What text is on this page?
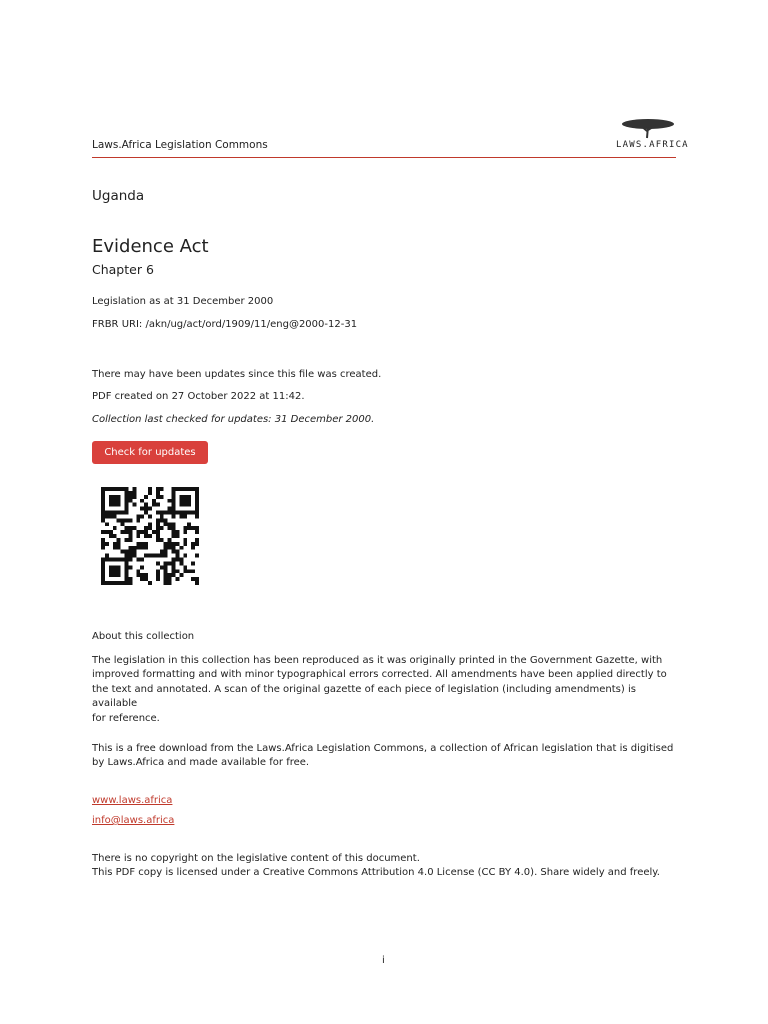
Laws.Africa Legislation Commons	LAWS.AFRICA
Uganda
Evidence Act
Chapter 6
Legislation as at 31 December 2000
FRBR URI: /akn/ug/act/ord/1909/11/eng@2000-12-31
There may have been updates since this file was created.
PDF created on 27 October 2022 at 11:42.
Collection last checked for updates: 31 December 2000.
Check for updates
About this collection
The legislation in this collection has been reproduced as it was originally printed in the Government Gazette, with
improved formatting and with minor typographical errors corrected. All amendments have been applied directly to
the text and annotated. A scan of the original gazette of each piece of legislation (including amendments) is available
for reference.
This is a free download from the Laws.Africa Legislation Commons, a collection of African legislation that is digitised
by Laws.Africa and made available for free.
www.laws.africa
info@laws.africa
There is no copyright on the legislative content of this document.
This PDF copy is licensed under a Creative Commons Attribution 4.0 License (CC BY 4.0). Share widely and freely.
i
